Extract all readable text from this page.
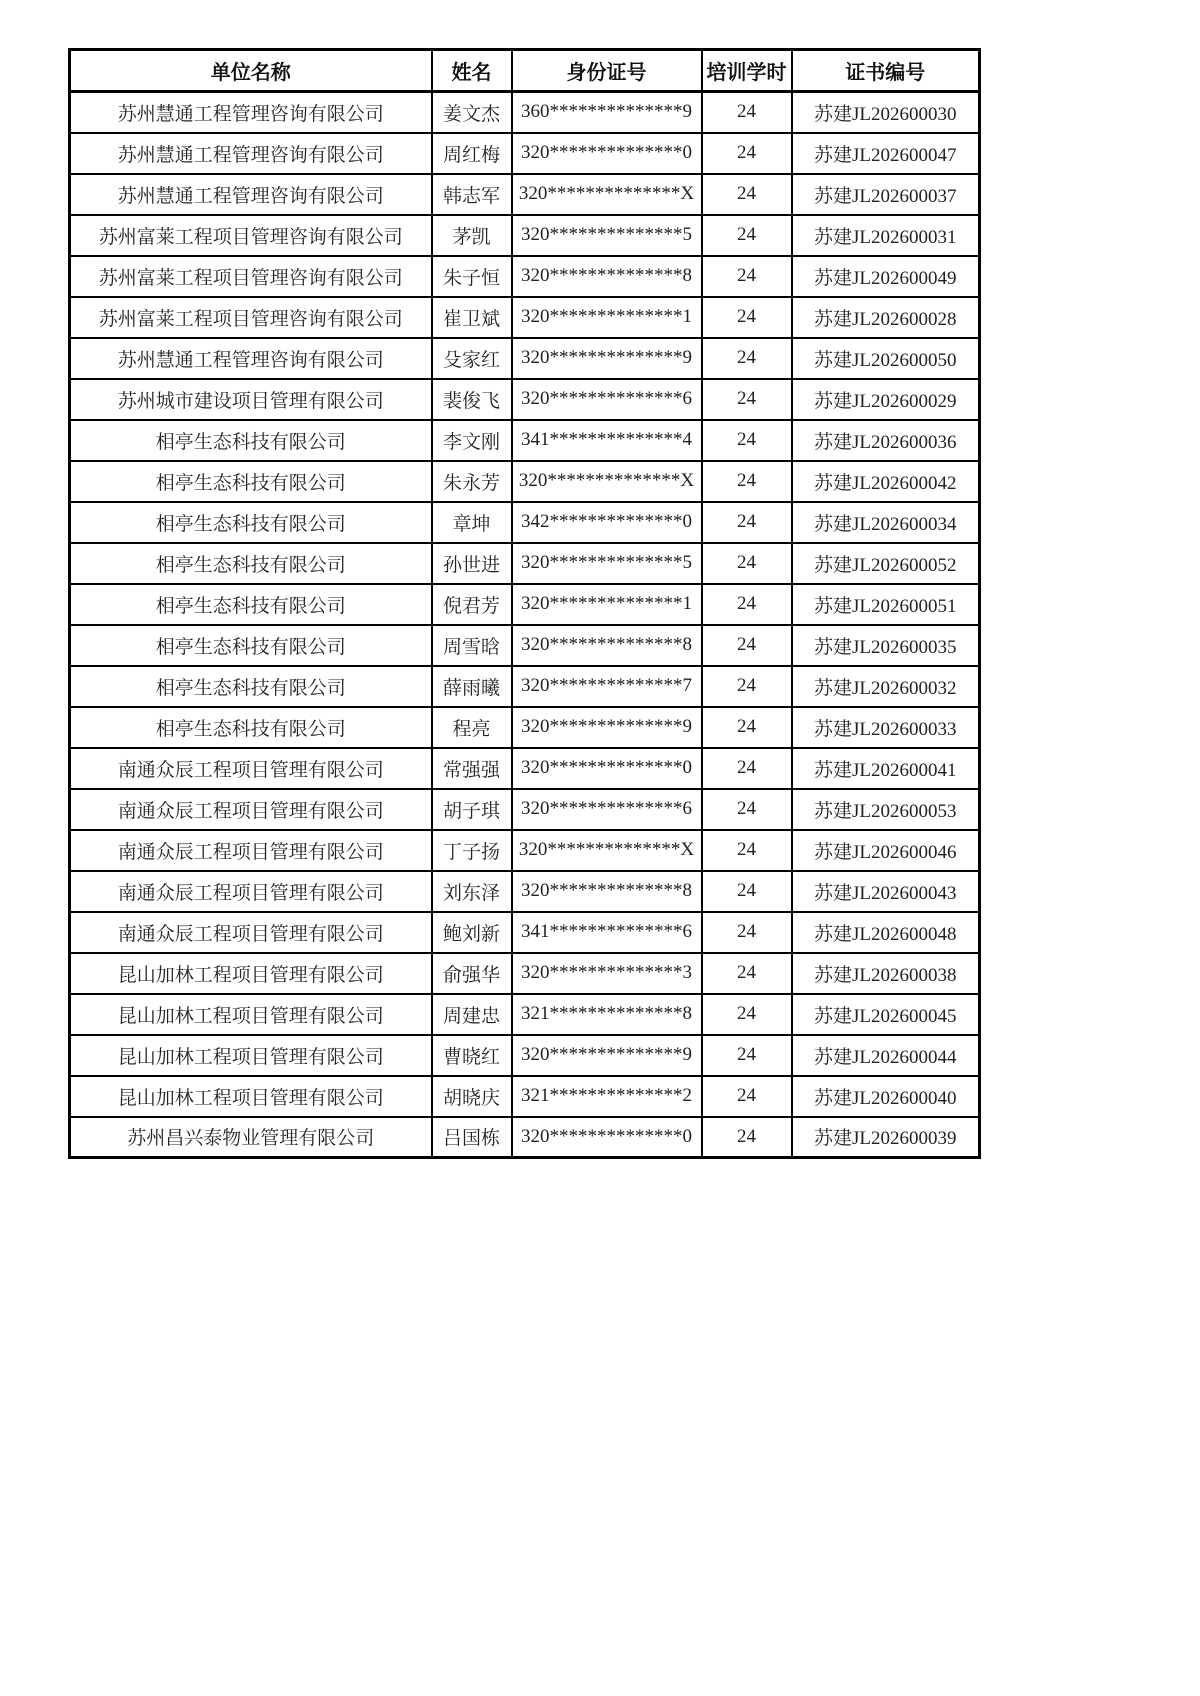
单位名称	姓名	身份证号	培训学时	证书编号
苏州慧通工程管理咨询有限公司	姜文杰	360**************9	24	苏建JL202600030
苏州慧通工程管理咨询有限公司	周红梅	320**************0	24	苏建JL202600047
苏州慧通工程管理咨询有限公司	韩志军	320**************X	24	苏建JL202600037
苏州富莱工程项目管理咨询有限公司	茅凯	320**************5	24	苏建JL202600031
苏州富莱工程项目管理咨询有限公司	朱子恒	320**************8	24	苏建JL202600049
苏州富莱工程项目管理咨询有限公司	崔卫斌	320**************1	24	苏建JL202600028
苏州慧通工程管理咨询有限公司	殳家红	320**************9	24	苏建JL202600050
苏州城市建设项目管理有限公司	裴俊飞	320**************6	24	苏建JL202600029
相亭生态科技有限公司	李文刚	341**************4	24	苏建JL202600036
相亭生态科技有限公司	朱永芳	320**************X	24	苏建JL202600042
相亭生态科技有限公司	章坤	342**************0	24	苏建JL202600034
相亭生态科技有限公司	孙世进	320**************5	24	苏建JL202600052
相亭生态科技有限公司	倪君芳	320**************1	24	苏建JL202600051
相亭生态科技有限公司	周雪晗	320**************8	24	苏建JL202600035
相亭生态科技有限公司	薛雨曦	320**************7	24	苏建JL202600032
相亭生态科技有限公司	程亮	320**************9	24	苏建JL202600033
南通众辰工程项目管理有限公司	常强强	320**************0	24	苏建JL202600041
南通众辰工程项目管理有限公司	胡子琪	320**************6	24	苏建JL202600053
南通众辰工程项目管理有限公司	丁子扬	320**************X	24	苏建JL202600046
南通众辰工程项目管理有限公司	刘东泽	320**************8	24	苏建JL202600043
南通众辰工程项目管理有限公司	鲍刘新	341**************6	24	苏建JL202600048
昆山加林工程项目管理有限公司	俞强华	320**************3	24	苏建JL202600038
昆山加林工程项目管理有限公司	周建忠	321**************8	24	苏建JL202600045
昆山加林工程项目管理有限公司	曹晓红	320**************9	24	苏建JL202600044
昆山加林工程项目管理有限公司	胡晓庆	321**************2	24	苏建JL202600040
苏州昌兴泰物业管理有限公司	吕国栋	320**************0	24	苏建JL202600039
